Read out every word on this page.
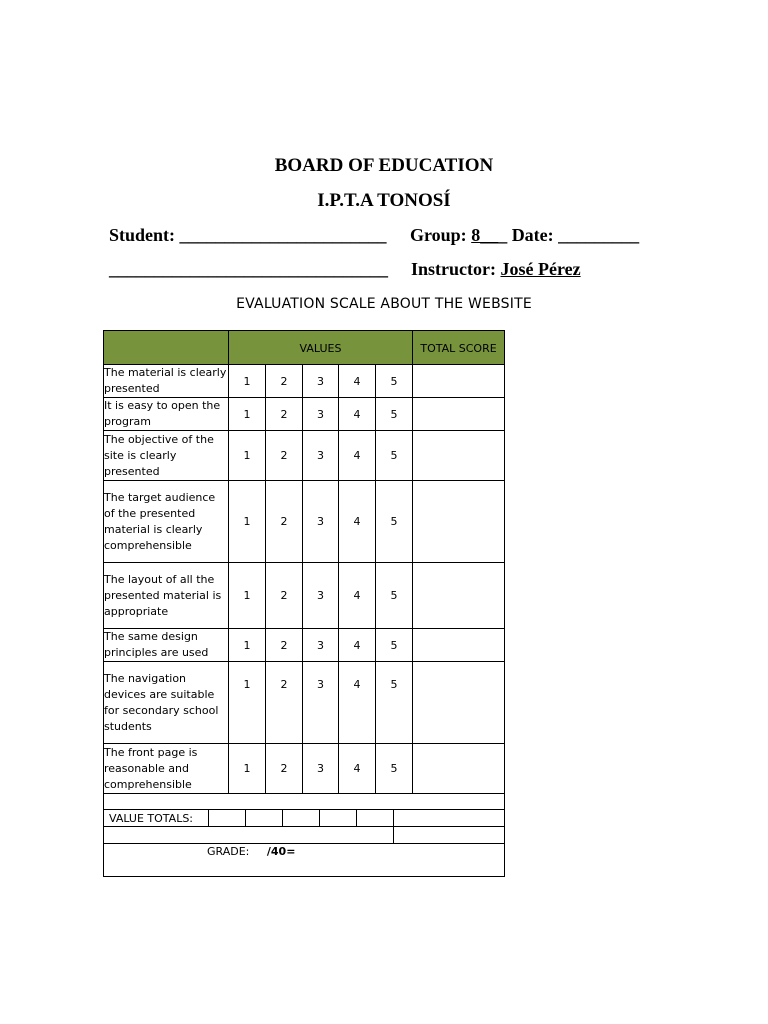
BOARD OF EDUCATION
I.P.T.A TONOSÍ
Student: _______________________ Group: 8___ Date: _________
_______________________________ Instructor: José Pérez
EVALUATION SCALE ABOUT THE WEBSITE
	VALUES					TOTAL SCORE
The material is clearly presented	1	2	3	4	5	
It is easy to open the program	1	2	3	4	5	
The objective of the site is clearly presented	1	2	3	4	5	
The target audience of the presented material is clearly comprehensible	1	2	3	4	5	
The layout of all the presented material is appropriate	1	2	3	4	5	
The same design principles are used	1	2	3	4	5	
The navigation devices are suitable for secondary school students	1	2	3	4	5	
The front page is reasonable and comprehensible	1	2	3	4	5	

VALUE TOTALS:						

GRADE: /40=						
